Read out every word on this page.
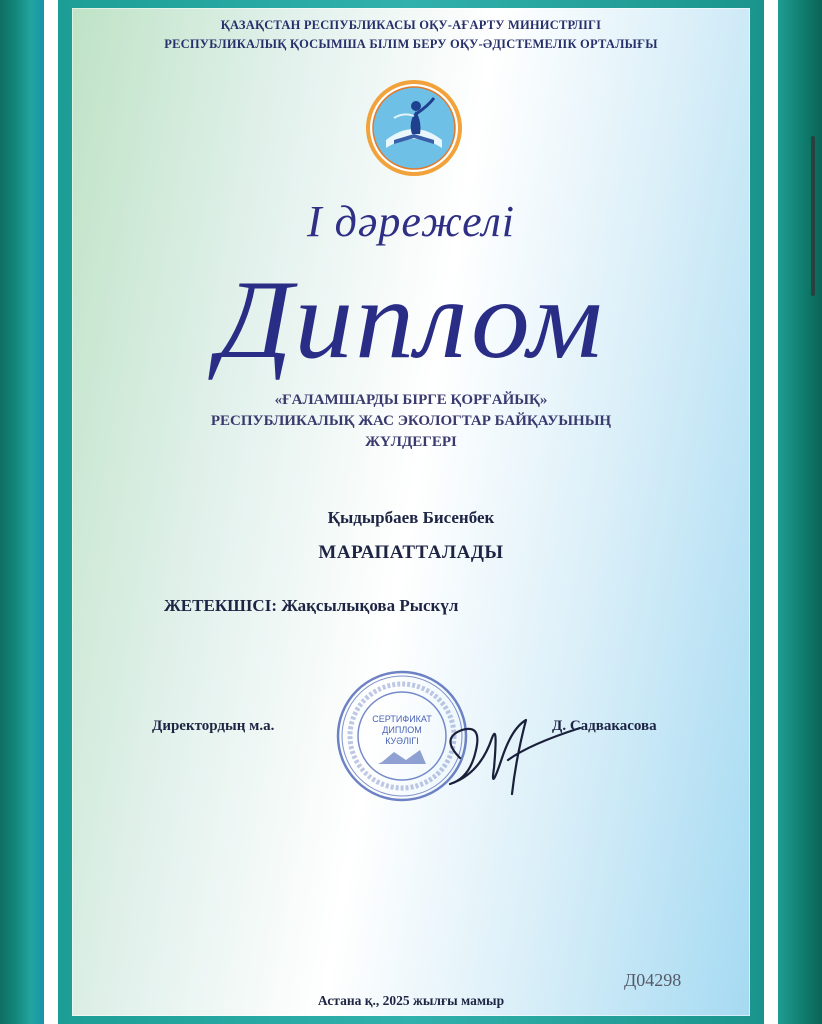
ҚАЗАҚСТАН РЕСПУБЛИКАСЫ ОҚУ-АҒАРТУ МИНИСТРЛІГІ
РЕСПУБЛИКАЛЫҚ ҚОСЫМША БІЛІМ БЕРУ ОҚУ-ӘДІСТЕМЕЛІК ОРТАЛЫҒЫ
I дәрежелі
Диплом
«ҒАЛАМШАРДЫ БІРГЕ ҚОРҒАЙЫҚ»
РЕСПУБЛИКАЛЫҚ ЖАС ЭКОЛОГТАР БАЙҚАУЫНЫҢ
ЖҮЛДЕГЕРІ
Қыдырбаев Бисенбек
МАРАПАТТАЛАДЫ
ЖЕТЕКШІСІ: Жақсылықова Рыскүл
Директордың м.а.	СЕРТИФИКАТ
ДИПЛОМ
КУӘЛІГІ
Д. Садвакасова
Д04298
Астана қ., 2025 жылғы мамыр
